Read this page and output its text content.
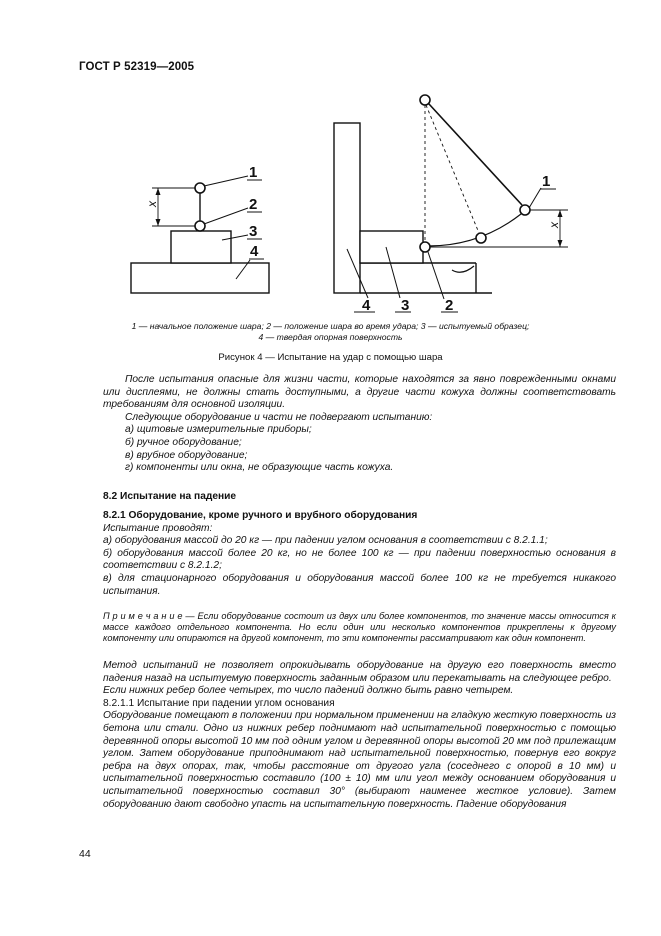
ГОСТ Р 52319—2005
1
2
3
4
1
4 3 2
x
x
1 — начальное положение шара; 2 — положение шара во время удара; 3 — испытуемый образец;
4 — твердая опорная поверхность
Рисунок 4 — Испытание на удар с помощью шара

После испытания опасные для жизни части, которые находятся за явно поврежденными окнами или дисплеями, не должны стать доступными, а другие части кожуха должны соответствовать требованиям для основной изоляции.

Следующие оборудование и части не подвергают испытанию:

а) щитовые измерительные приборы;

б) ручное оборудование;

в) врубное оборудование;

г) компоненты или окна, не образующие часть кожуха.

8.2 Испытание на падение

8.2.1 Оборудование, кроме ручного и врубного оборудования

Испытание проводят:

а) оборудования массой до 20 кг — при падении углом основания в соответствии с 8.2.1.1;

б) оборудования массой более 20 кг, но не более 100 кг — при падении поверхностью основания в соответствии с 8.2.1.2;

в) для стационарного оборудования и оборудования массой более 100 кг не требуется никакого испытания.

П р и м е ч а н и е — Если оборудование состоит из двух или более компонентов, то значение массы относится к массе каждого отдельного компонента. Но если один или несколько компонентов прикреплены к другому компоненту или опираются на другой компонент, то эти компоненты рассматривают как один компонент.

Метод испытаний не позволяет опрокидывать оборудование на другую его поверхность вместо падения назад на испытуемую поверхность заданным образом или перекатывать на следующее ребро.

Если нижних ребер более четырех, то число падений должно быть равно четырем.

8.2.1.1 Испытание при падении углом основания

Оборудование помещают в положении при нормальном применении на гладкую жесткую поверхность из бетона или стали. Одно из нижних ребер поднимают над испытательной поверхностью с помощью деревянной опоры высотой 10 мм под одним углом и деревянной опоры высотой 20 мм под прилежащим углом. Затем оборудование приподнимают над испытательной поверхностью, повернув его вокруг ребра на двух опорах, так, чтобы расстояние от другого угла (соседнего с опорой в 10 мм) и испытательной поверхностью составило (100 ± 10) мм или угол между основанием оборудования и испытательной поверхностью составил 30° (выбирают наименее жесткое условие). Затем оборудованию дают свободно упасть на испытательную поверхность. Падение оборудования

44
